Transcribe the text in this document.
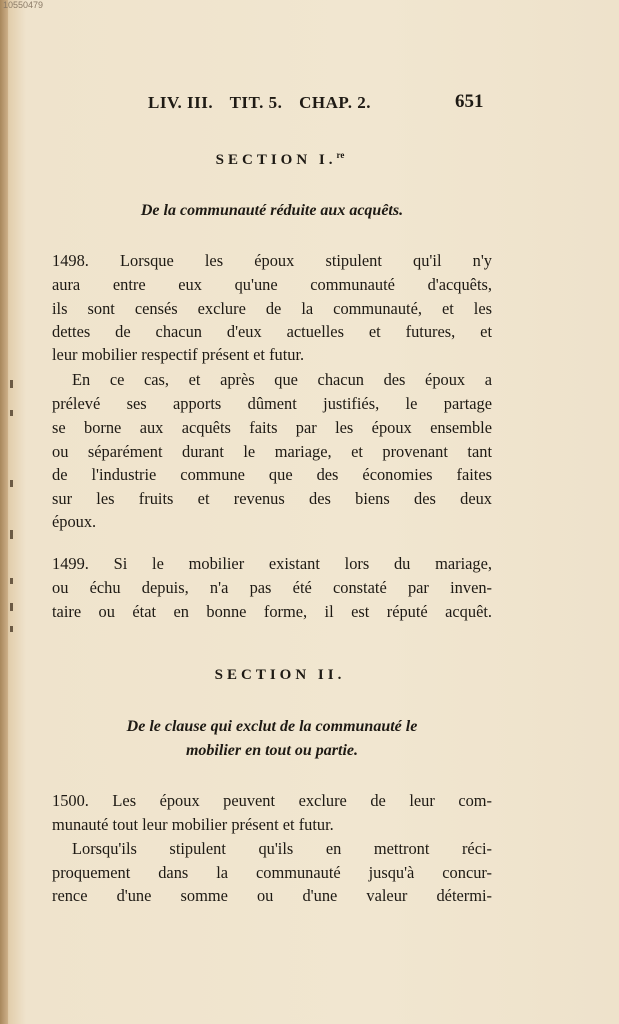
10550479
LIV. III. TIT. 5. CHAP. 2.	651
SECTION I.$^{re}$
De la communauté réduite aux acquêts.
1498. Lorsque les époux stipulent qu'il n'y
aura entre eux qu'une communauté d'acquêts,
ils sont censés exclure de la communauté, et les
dettes de chacun d'eux actuelles et futures, et
leur mobilier respectif présent et futur.
En ce cas, et après que chacun des époux a
prélevé ses apports dûment justifiés, le partage
se borne aux acquêts faits par les époux ensemble
ou séparément durant le mariage, et provenant tant
de l'industrie commune que des économies faites
sur les fruits et revenus des biens des deux
époux.
1499. Si le mobilier existant lors du mariage,
ou échu depuis, n'a pas été constaté par inven-
taire ou état en bonne forme, il est réputé acquêt.
SECTION II.
De le clause qui exclut de la communauté le
mobilier en tout ou partie.
1500. Les époux peuvent exclure de leur com-
munauté tout leur mobilier présent et futur.
Lorsqu'ils stipulent qu'ils en mettront réci-
proquement dans la communauté jusqu'à concur-
rence d'une somme ou d'une valeur détermi-
